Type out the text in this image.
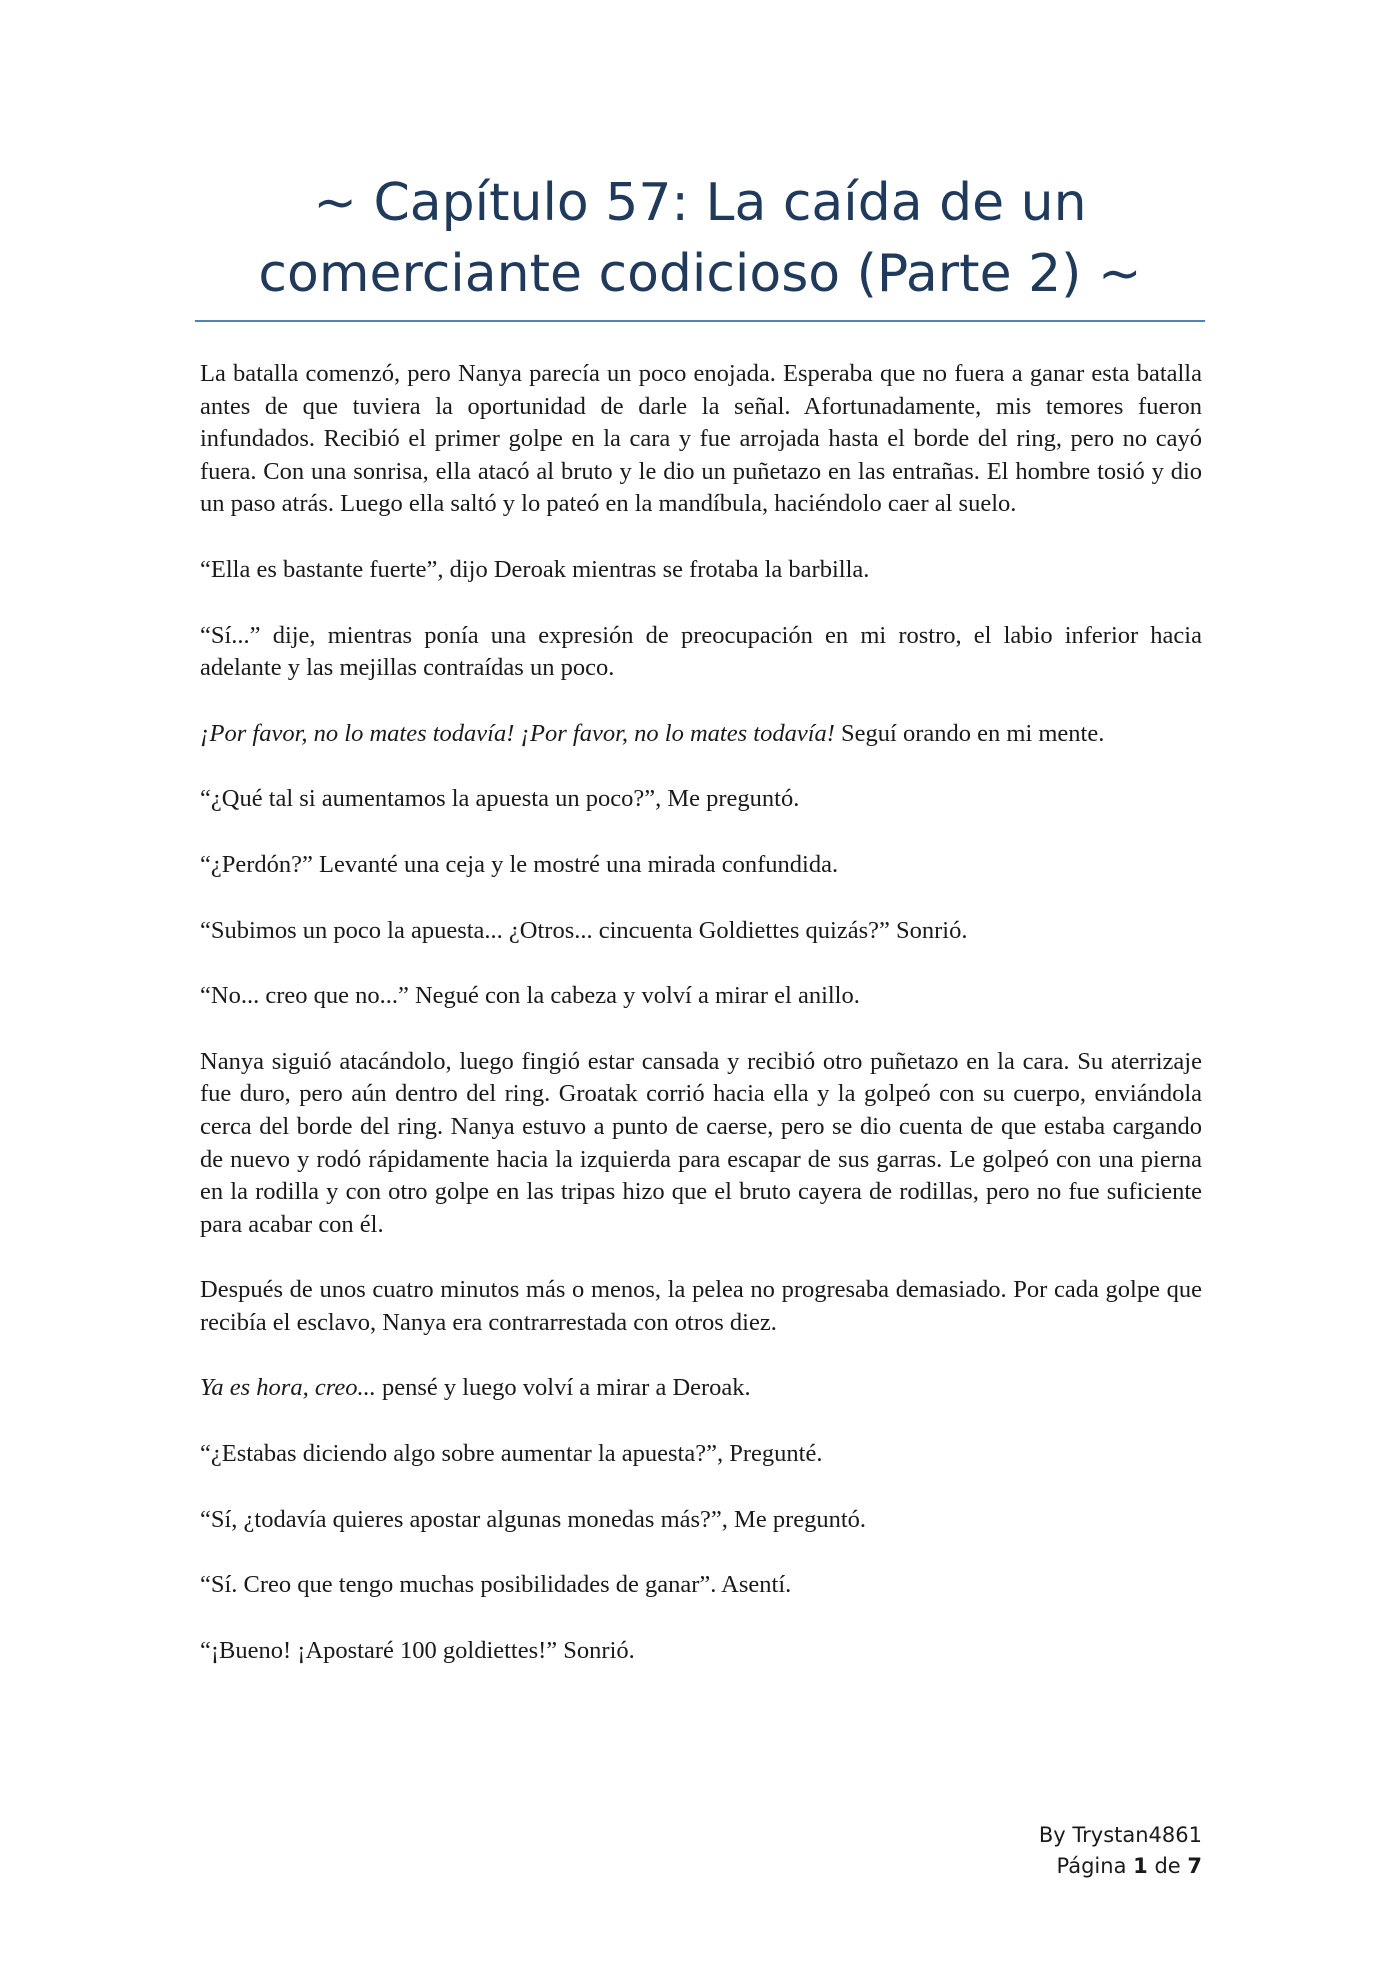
~ Capítulo 57: La caída de un
comerciante codicioso (Parte 2) ~

La batalla comenzó, pero Nanya parecía un poco enojada. Esperaba que no fuera a ganar esta batalla antes de que tuviera la oportunidad de darle la señal. Afortunadamente, mis temores fueron infundados. Recibió el primer golpe en la cara y fue arrojada hasta el borde del ring, pero no cayó fuera. Con una sonrisa, ella atacó al bruto y le dio un puñetazo en las entrañas. El hombre tosió y dio un paso atrás. Luego ella saltó y lo pateó en la mandíbula, haciéndolo caer al suelo.

“Ella es bastante fuerte”, dijo Deroak mientras se frotaba la barbilla.

“Sí...” dije, mientras ponía una expresión de preocupación en mi rostro, el labio inferior hacia adelante y las mejillas contraídas un poco.

¡Por favor, no lo mates todavía! ¡Por favor, no lo mates todavía! Seguí orando en mi mente.

“¿Qué tal si aumentamos la apuesta un poco?”, Me preguntó.

“¿Perdón?” Levanté una ceja y le mostré una mirada confundida.

“Subimos un poco la apuesta... ¿Otros... cincuenta Goldiettes quizás?” Sonrió.

“No... creo que no...” Negué con la cabeza y volví a mirar el anillo.

Nanya siguió atacándolo, luego fingió estar cansada y recibió otro puñetazo en la cara. Su aterrizaje fue duro, pero aún dentro del ring. Groatak corrió hacia ella y la golpeó con su cuerpo, enviándola cerca del borde del ring. Nanya estuvo a punto de caerse, pero se dio cuenta de que estaba cargando de nuevo y rodó rápidamente hacia la izquierda para escapar de sus garras. Le golpeó con una pierna en la rodilla y con otro golpe en las tripas hizo que el bruto cayera de rodillas, pero no fue suficiente para acabar con él.

Después de unos cuatro minutos más o menos, la pelea no progresaba demasiado. Por cada golpe que recibía el esclavo, Nanya era contrarrestada con otros diez.

Ya es hora, creo... pensé y luego volví a mirar a Deroak.

“¿Estabas diciendo algo sobre aumentar la apuesta?”, Pregunté.

“Sí, ¿todavía quieres apostar algunas monedas más?”, Me preguntó.

“Sí. Creo que tengo muchas posibilidades de ganar”. Asentí.

“¡Bueno! ¡Apostaré 100 goldiettes!” Sonrió.

By Trystan4861
Página 1 de 7
